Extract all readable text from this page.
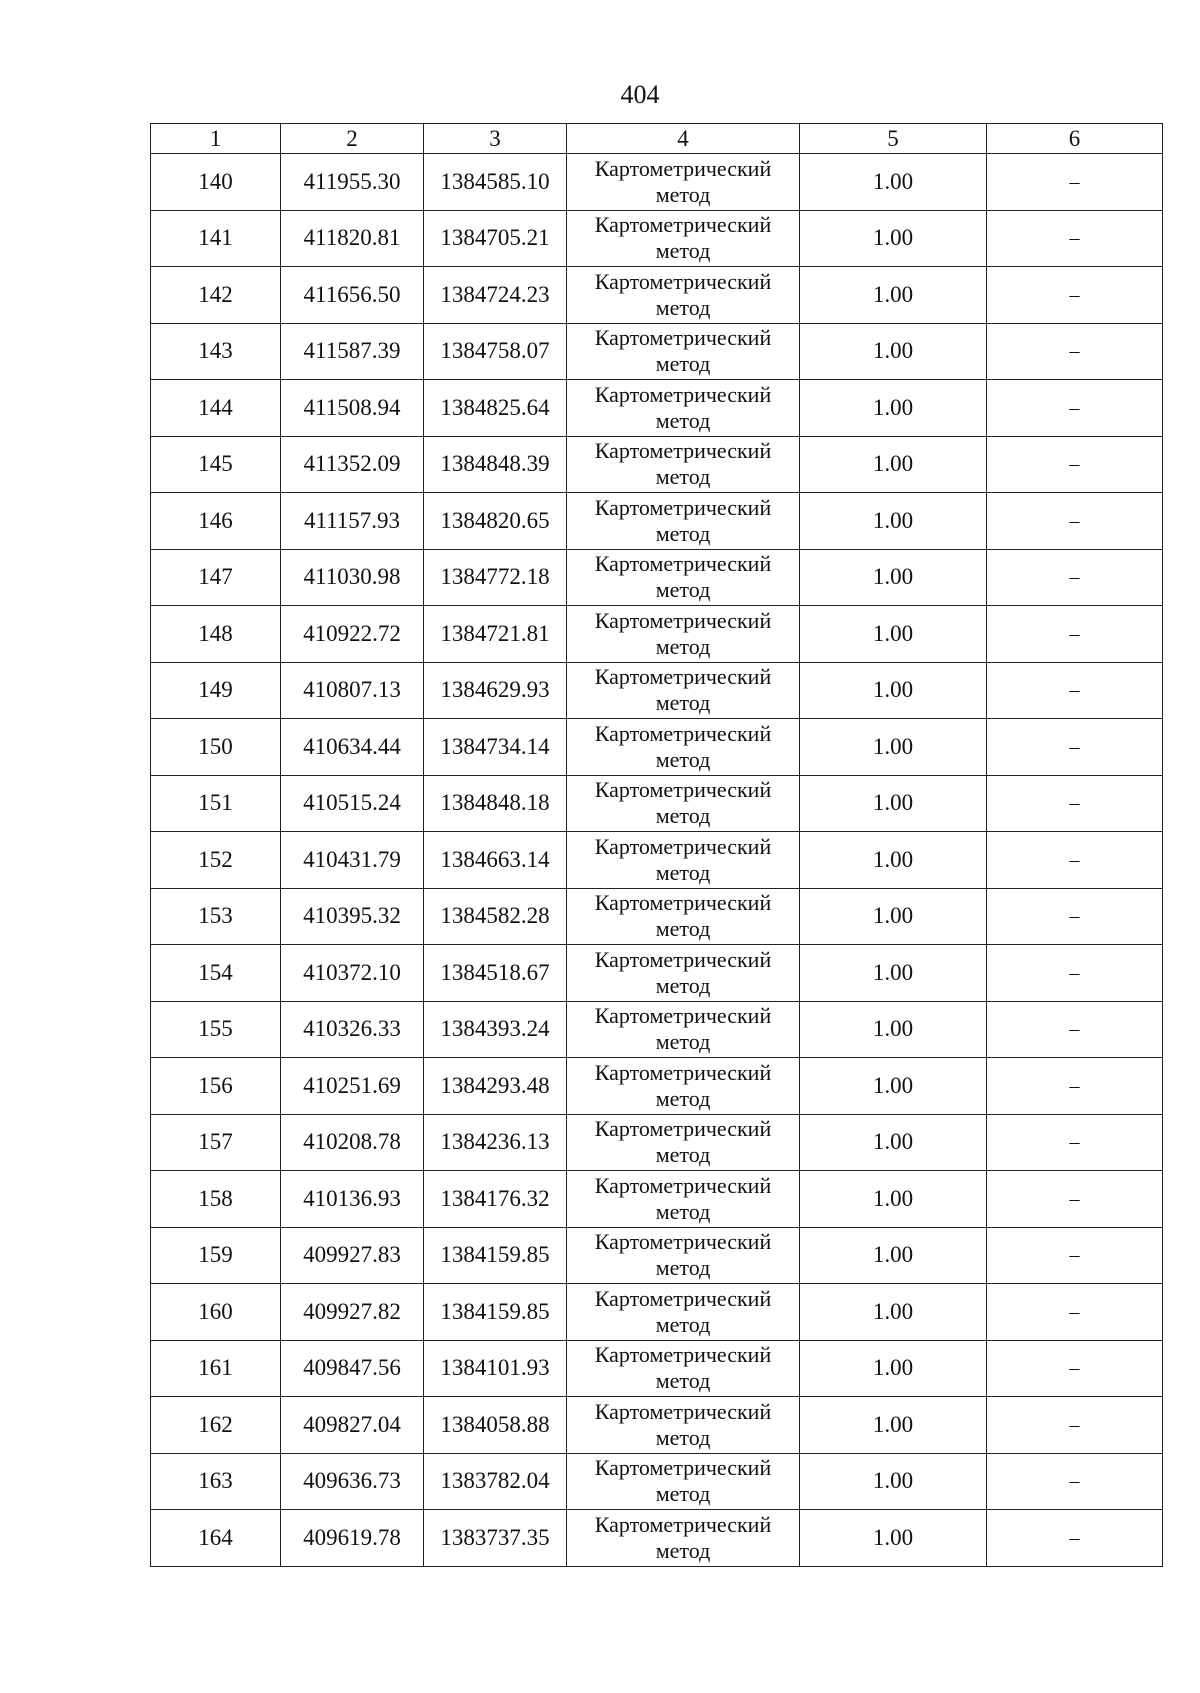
404
1	2	3	4	5	6
140	411955.30	1384585.10	Картометрический метод	1.00	–
141	411820.81	1384705.21	Картометрический метод	1.00	–
142	411656.50	1384724.23	Картометрический метод	1.00	–
143	411587.39	1384758.07	Картометрический метод	1.00	–
144	411508.94	1384825.64	Картометрический метод	1.00	–
145	411352.09	1384848.39	Картометрический метод	1.00	–
146	411157.93	1384820.65	Картометрический метод	1.00	–
147	411030.98	1384772.18	Картометрический метод	1.00	–
148	410922.72	1384721.81	Картометрический метод	1.00	–
149	410807.13	1384629.93	Картометрический метод	1.00	–
150	410634.44	1384734.14	Картометрический метод	1.00	–
151	410515.24	1384848.18	Картометрический метод	1.00	–
152	410431.79	1384663.14	Картометрический метод	1.00	–
153	410395.32	1384582.28	Картометрический метод	1.00	–
154	410372.10	1384518.67	Картометрический метод	1.00	–
155	410326.33	1384393.24	Картометрический метод	1.00	–
156	410251.69	1384293.48	Картометрический метод	1.00	–
157	410208.78	1384236.13	Картометрический метод	1.00	–
158	410136.93	1384176.32	Картометрический метод	1.00	–
159	409927.83	1384159.85	Картометрический метод	1.00	–
160	409927.82	1384159.85	Картометрический метод	1.00	–
161	409847.56	1384101.93	Картометрический метод	1.00	–
162	409827.04	1384058.88	Картометрический метод	1.00	–
163	409636.73	1383782.04	Картометрический метод	1.00	–
164	409619.78	1383737.35	Картометрический метод	1.00	–
